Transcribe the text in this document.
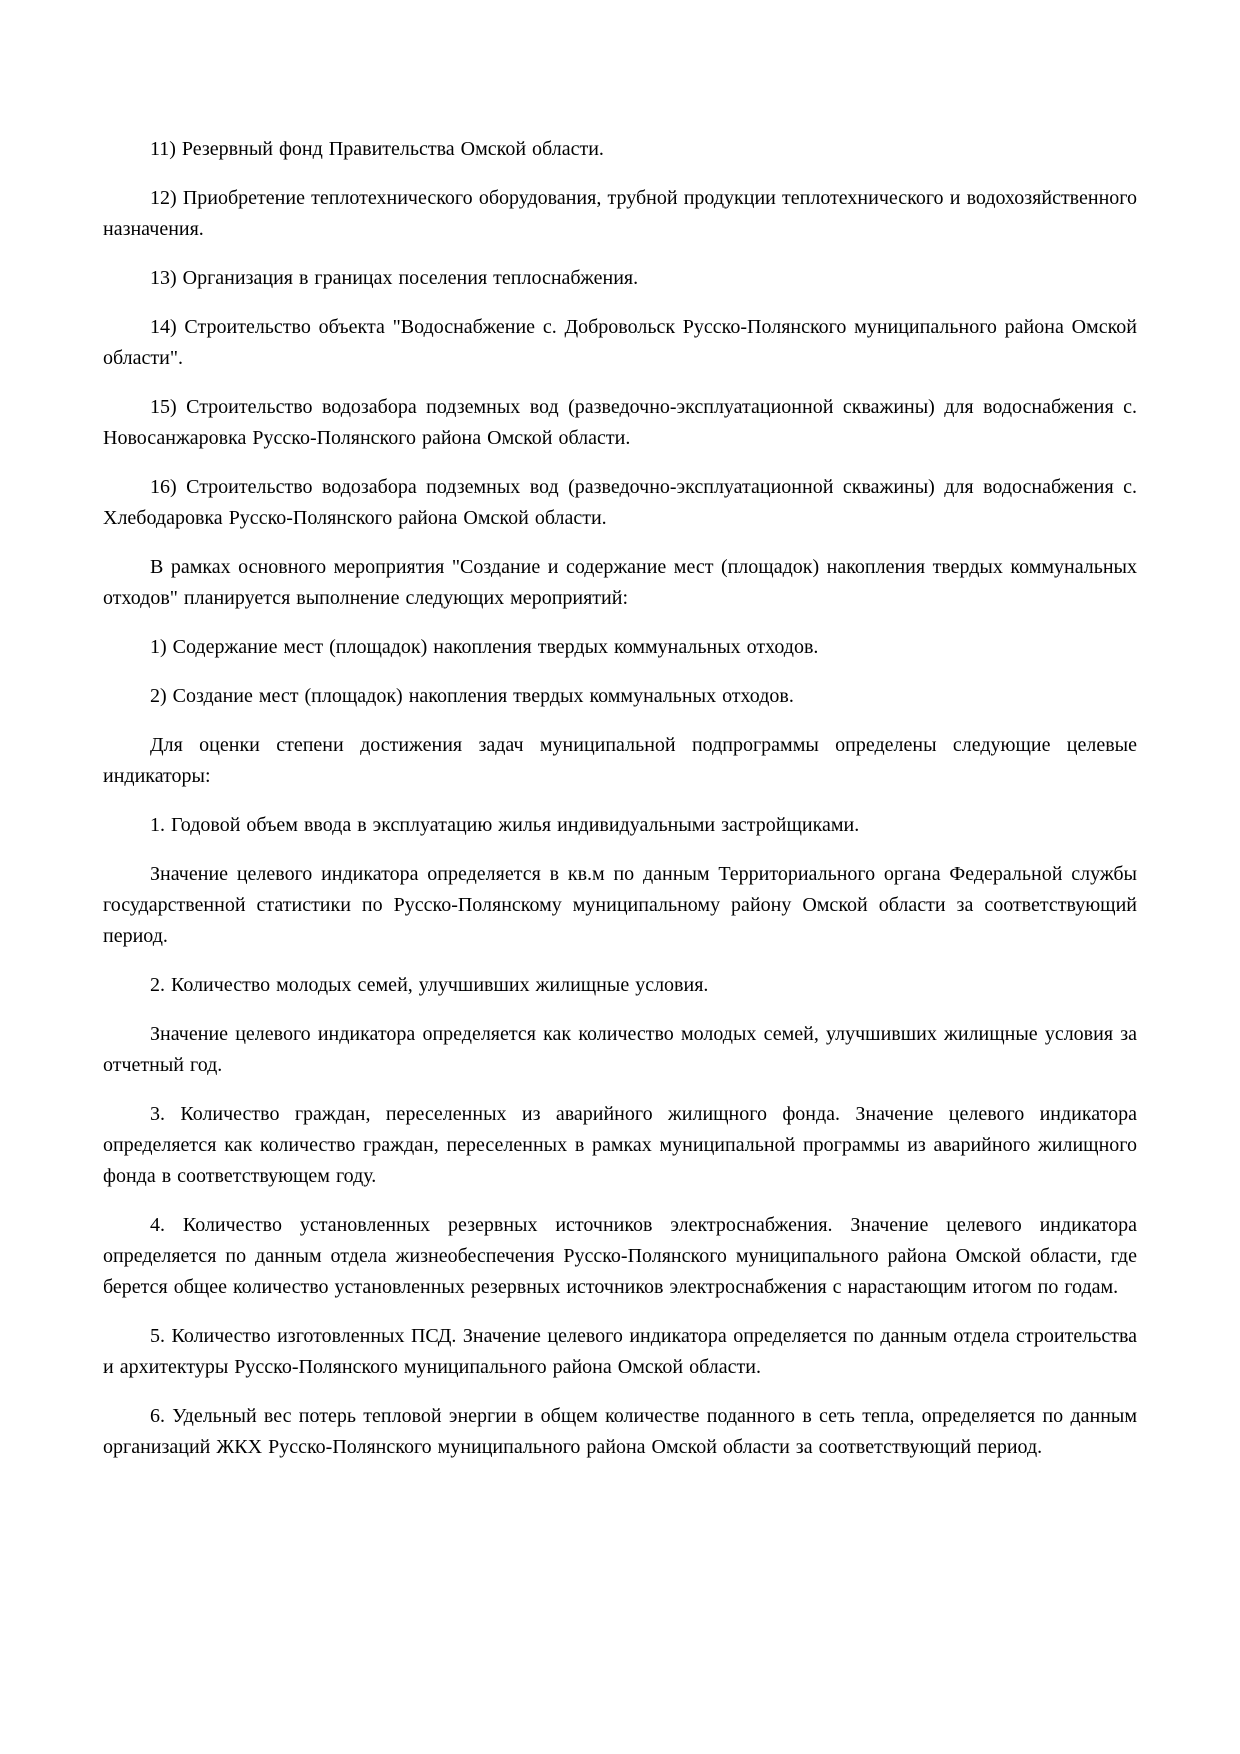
11) Резервный фонд Правительства Омской области.

12) Приобретение теплотехнического оборудования, трубной продукции теплотехнического и водохозяйственного назначения.

13) Организация в границах поселения теплоснабжения.

14) Строительство объекта "Водоснабжение с. Добровольск Русско-Полянского муниципального района Омской области".

15) Строительство водозабора подземных вод (разведочно-эксплуатационной скважины) для водоснабжения с. Новосанжаровка Русско-Полянского района Омской области.

16) Строительство водозабора подземных вод (разведочно-эксплуатационной скважины) для водоснабжения с. Хлебодаровка Русско-Полянского района Омской области.

В рамках основного мероприятия "Создание и содержание мест (площадок) накопления твердых коммунальных отходов" планируется выполнение следующих мероприятий:

1) Содержание мест (площадок) накопления твердых коммунальных отходов.

2) Создание мест (площадок) накопления твердых коммунальных отходов.

Для оценки степени достижения задач муниципальной подпрограммы определены следующие целевые индикаторы:

1. Годовой объем ввода в эксплуатацию жилья индивидуальными застройщиками.

Значение целевого индикатора определяется в кв.м по данным Территориального органа Федеральной службы государственной статистики по Русско-Полянскому муниципальному району Омской области за соответствующий период.

2. Количество молодых семей, улучшивших жилищные условия.

Значение целевого индикатора определяется как количество молодых семей, улучшивших жилищные условия за отчетный год.

3. Количество граждан, переселенных из аварийного жилищного фонда. Значение целевого индикатора определяется как количество граждан, переселенных в рамках муниципальной программы из аварийного жилищного фонда в соответствующем году.

4. Количество установленных резервных источников электроснабжения. Значение целевого индикатора определяется по данным отдела жизнеобеспечения Русско-Полянского муниципального района Омской области, где берется общее количество установленных резервных источников электроснабжения с нарастающим итогом по годам.

5. Количество изготовленных ПСД. Значение целевого индикатора определяется по данным отдела строительства и архитектуры Русско-Полянского муниципального района Омской области.

6. Удельный вес потерь тепловой энергии в общем количестве поданного в сеть тепла, определяется по данным организаций ЖКХ Русско-Полянского муниципального района Омской области за соответствующий период.
